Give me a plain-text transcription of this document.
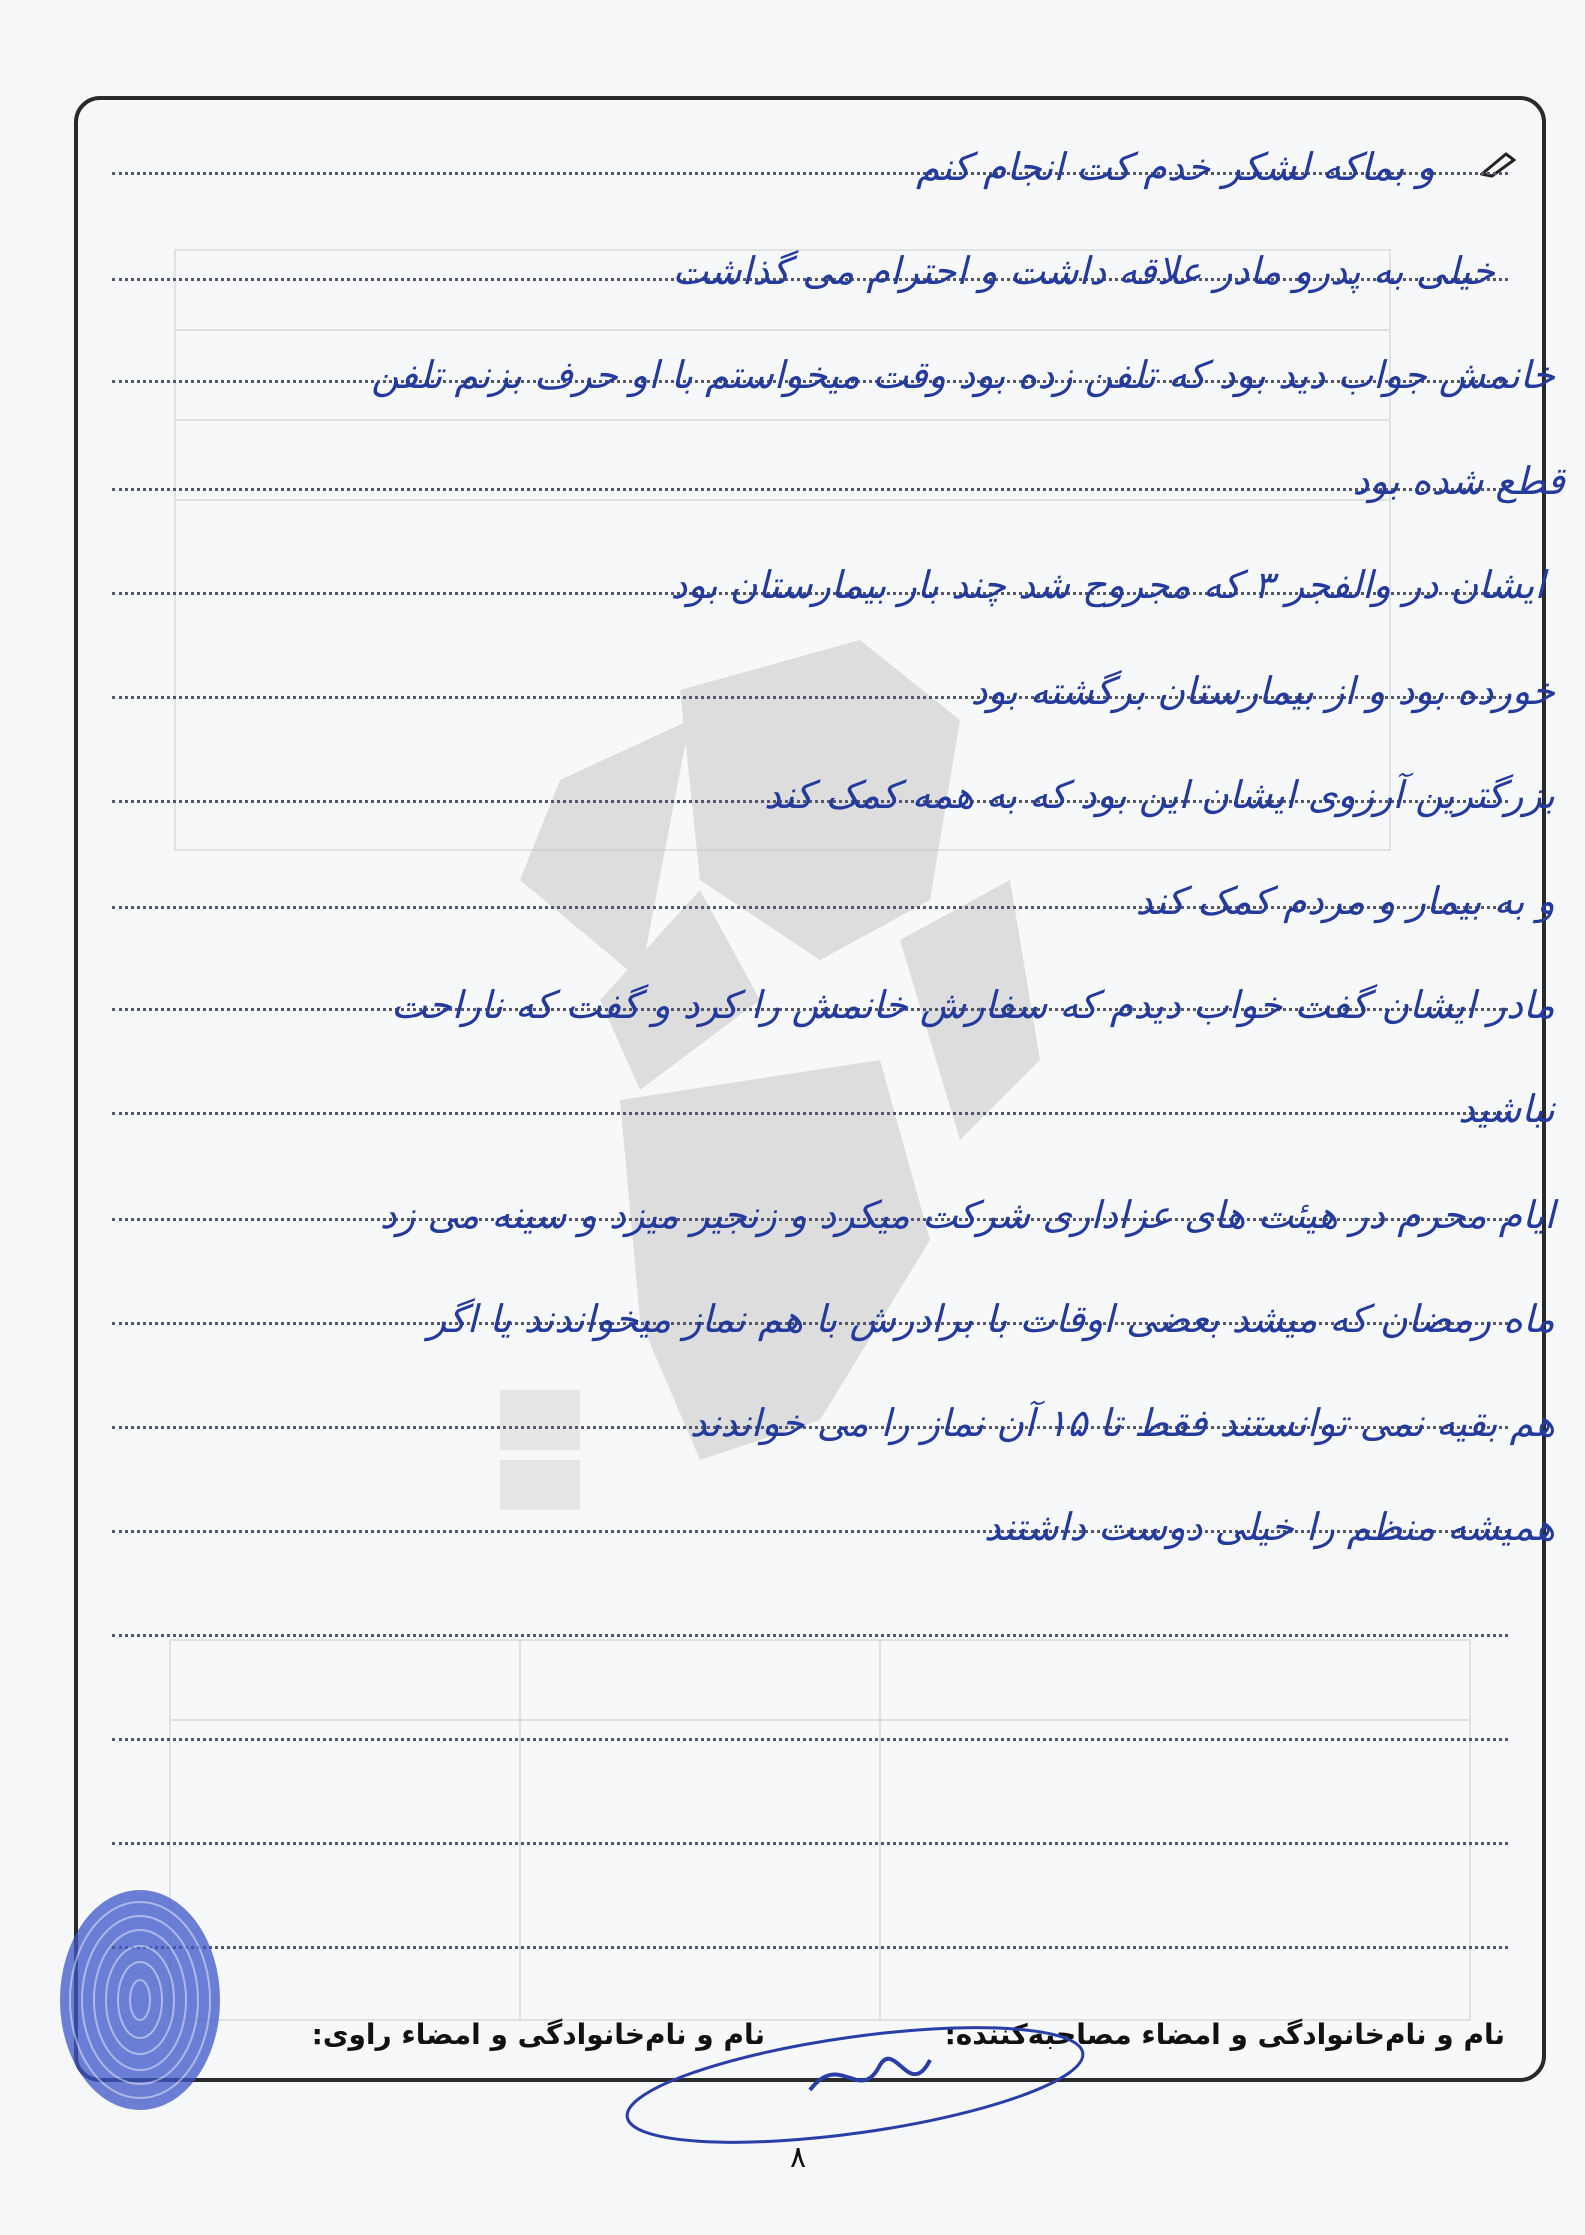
و بماکه لشکر خدم کت انجام کنم
خیلی به پدرو مادر علاقه داشت و احترام می گذاشت
خانمش جواب دید بود که تلفن زده بود وقت میخواستم با او حرف بزنم تلفن
قطع شده بود
ایشان در والفجر ۳ که مجروح شد چند بار بیمارستان بود
خورده بود و از بیمارستان برگشته بود
بزرگترین آرزوی ایشان این بود که به همه کمک کند
و به بیمار و مردم کمک کند
مادر ایشان گفت خواب دیدم که سفارش خانمش را کرد و گفت که ناراحت
نباشید
ایام محرم در هیئت های عزاداری شرکت میکرد و زنجیر میزد و سینه می زد
ماه رمضان که میشد بعضی اوقات با برادرش با هم نماز میخواندند یا اگر
هم بقیه نمی توانستند فقط تا ۱۵ آن نماز را می خواندند
همیشه منظم را خیلی دوست داشتند
نام و نام‌خانوادگی و امضاء مصاحبه‌کننده:
نام و نام‌خانوادگی و امضاء راوی:
۸
